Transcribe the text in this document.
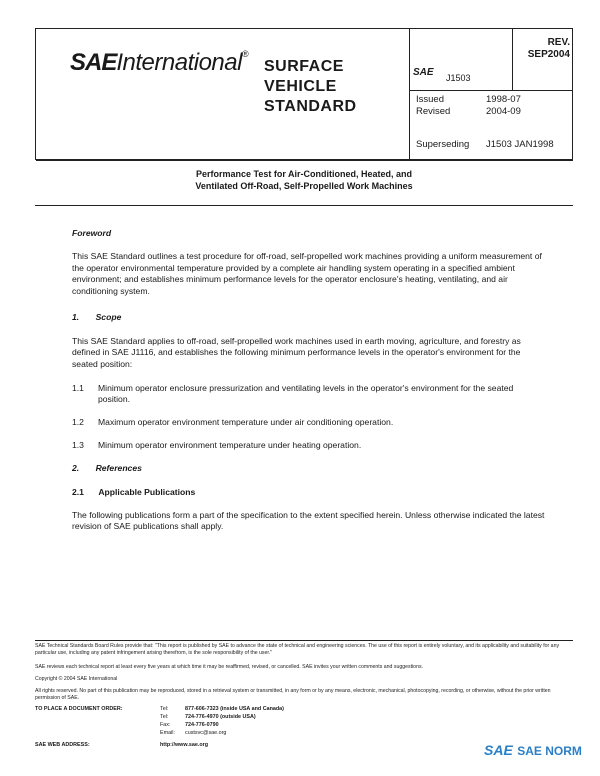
SAEInternational®
SURFACE
VEHICLE
STANDARD
SAE J1503
REV.
SEP2004
Issued	1998-07
Revised	2004-09
Superseding J1503 JAN1998
Performance Test for Air-Conditioned, Heated, and
Ventilated Off-Road, Self-Propelled Work Machines

Foreword

This SAE Standard outlines a test procedure for off-road, self-propelled work machines providing a uniform measurement of the operator environmental temperature provided by a complete air handling system operating in a specified ambient environment; and establishes minimum performance levels for the operator enclosure's heating, ventilating, and air conditioning system.

1. Scope
This SAE Standard applies to off-road, self-propelled work machines used in earth moving, agriculture, and forestry as defined in SAE J1116, and establishes the following minimum performance levels in the operator's environment for the seated position:
1.1 Minimum operator enclosure pressurization and ventilating levels in the operator's environment for the seated position.
1.2 Maximum operator environment temperature under air conditioning operation.
1.3 Minimum operator environment temperature under heating operation.
2. References
2.1 Applicable Publications
The following publications form a part of the specification to the extent specified herein. Unless otherwise indicated the latest revision of SAE publications shall apply.
SAE Technical Standards Board Rules provide that: "This report is published by SAE to advance the state of technical and engineering sciences. The use of this report is entirely voluntary, and its applicability and suitability for any particular use, including any patent infringement arising therefrom, is the sole responsibility of the user."
SAE reviews each technical report at least every five years at which time it may be reaffirmed, revised, or cancelled. SAE invites your written comments and suggestions.
Copyright © 2004 SAE International
All rights reserved. No part of this publication may be reproduced, stored in a retrieval system or transmitted, in any form or by any means, electronic, mechanical, photocopying, recording, or otherwise, without the prior written permission of SAE.
TO PLACE A DOCUMENT ORDER:	Tel:	877-606-7323 (inside USA and Canada)
Tel:	724-776-4970 (outside USA)
Fax:	724-776-0790
Email: custsvc@sae.org
SAE WEB ADDRESS:	http://www.sae.org	SAE SAE NORM
